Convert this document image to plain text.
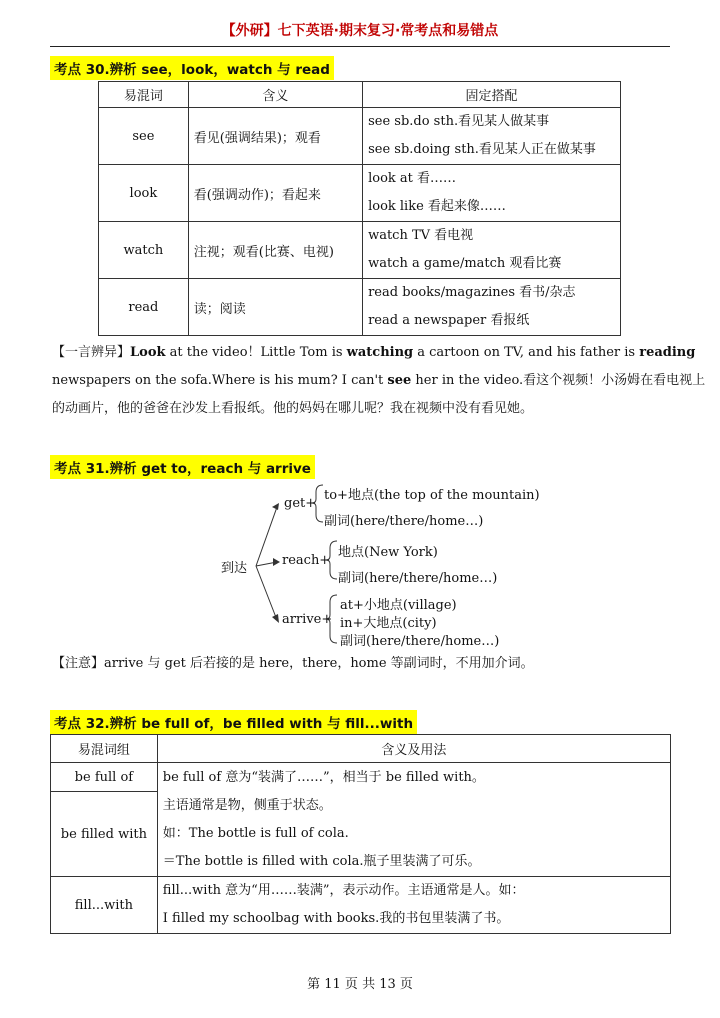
【外研】七下英语·期末复习·常考点和易错点
考点 30.辨析 see，look，watch 与 read
易混词	含义	固定搭配
see	看见(强调结果)；观看	see sb.do sth.看见某人做某事
see sb.doing sth.看见某人正在做某事

look	看(强调动作)；看起来	look at 看……
look like 看起来像……

watch	注视；观看(比赛、电视)	watch TV 看电视
watch a game/match 观看比赛

read	读；阅读	read books/magazines 看书/杂志
read a newspaper 看报纸
【一言辨异】Look at the video！Little Tom is watching a cartoon on TV, and his father is reading
newspapers on the sofa.Where is his mum? I can't see her in the video.看这个视频！小汤姆在看电视上
的动画片，他的爸爸在沙发上看报纸。他的妈妈在哪儿呢？我在视频中没有看见她。
考点 31.辨析 get to，reach 与 arrive
到达
get+
to+地点(the top of the mountain)
副词(here/there/home…)
reach+
地点(New York)
副词(here/there/home…)
arrive+
at+小地点(village)
in+大地点(city)
副词(here/there/home…)
【注意】arrive 与 get 后若接的是 here，there，home 等副词时，不用加介词。
考点 32.辨析 be full of，be filled with 与 fill...with
易混词组	含义及用法
be full of	be full of 意为“装满了……”，相当于 be filled with。
主语通常是物，侧重于状态。
如：The bottle is full of cola.
＝The bottle is filled with cola.瓶子里装满了可乐。

be filled with	
fill...with	fill...with 意为“用……装满”，表示动作。主语通常是人。如：
I filled my schoolbag with books.我的书包里装满了书。
第 11 页 共 13 页
